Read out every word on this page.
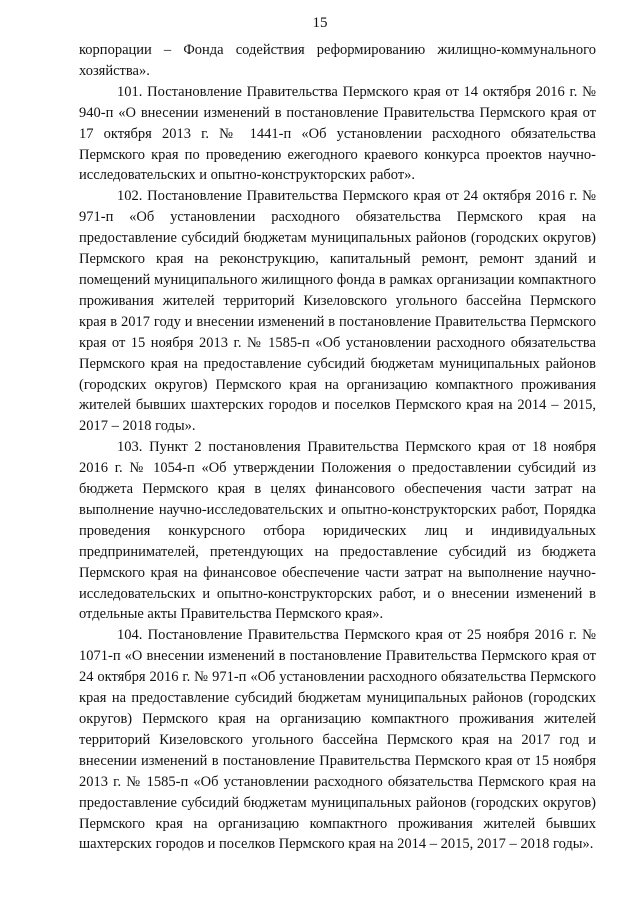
15

корпорации – Фонда содействия реформированию жилищно-коммунального хозяйства».

101. Постановление Правительства Пермского края от 14 октября 2016 г. № 940-п «О внесении изменений в постановление Правительства Пермского края от 17 октября 2013 г. № 1441-п «Об установлении расходного обязательства Пермского края по проведению ежегодного краевого конкурса проектов научно-исследовательских и опытно-конструкторских работ».

102. Постановление Правительства Пермского края от 24 октября 2016 г. № 971-п «Об установлении расходного обязательства Пермского края на предоставление субсидий бюджетам муниципальных районов (городских округов) Пермского края на реконструкцию, капитальный ремонт, ремонт зданий и помещений муниципального жилищного фонда в рамках организации компактного проживания жителей территорий Кизеловского угольного бассейна Пермского края в 2017 году и внесении изменений в постановление Правительства Пермского края от 15 ноября 2013 г. № 1585-п «Об установлении расходного обязательства Пермского края на предоставление субсидий бюджетам муниципальных районов (городских округов) Пермского края на организацию компактного проживания жителей бывших шахтерских городов и поселков Пермского края на 2014 – 2015, 2017 – 2018 годы».

103. Пункт 2 постановления Правительства Пермского края от 18 ноября 2016 г. № 1054-п «Об утверждении Положения о предоставлении субсидий из бюджета Пермского края в целях финансового обеспечения части затрат на выполнение научно-исследовательских и опытно-конструкторских работ, Порядка проведения конкурсного отбора юридических лиц и индивидуальных предпринимателей, претендующих на предоставление субсидий из бюджета Пермского края на финансовое обеспечение части затрат на выполнение научно-исследовательских и опытно-конструкторских работ, и о внесении изменений в отдельные акты Правительства Пермского края».

104. Постановление Правительства Пермского края от 25 ноября 2016 г. № 1071-п «О внесении изменений в постановление Правительства Пермского края от 24 октября 2016 г. № 971-п «Об установлении расходного обязательства Пермского края на предоставление субсидий бюджетам муниципальных районов (городских округов) Пермского края на организацию компактного проживания жителей территорий Кизеловского угольного бассейна Пермского края на 2017 год и внесении изменений в постановление Правительства Пермского края от 15 ноября 2013 г. № 1585-п «Об установлении расходного обязательства Пермского края на предоставление субсидий бюджетам муниципальных районов (городских округов) Пермского края на организацию компактного проживания жителей бывших шахтерских городов и поселков Пермского края на 2014 – 2015, 2017 – 2018 годы».
